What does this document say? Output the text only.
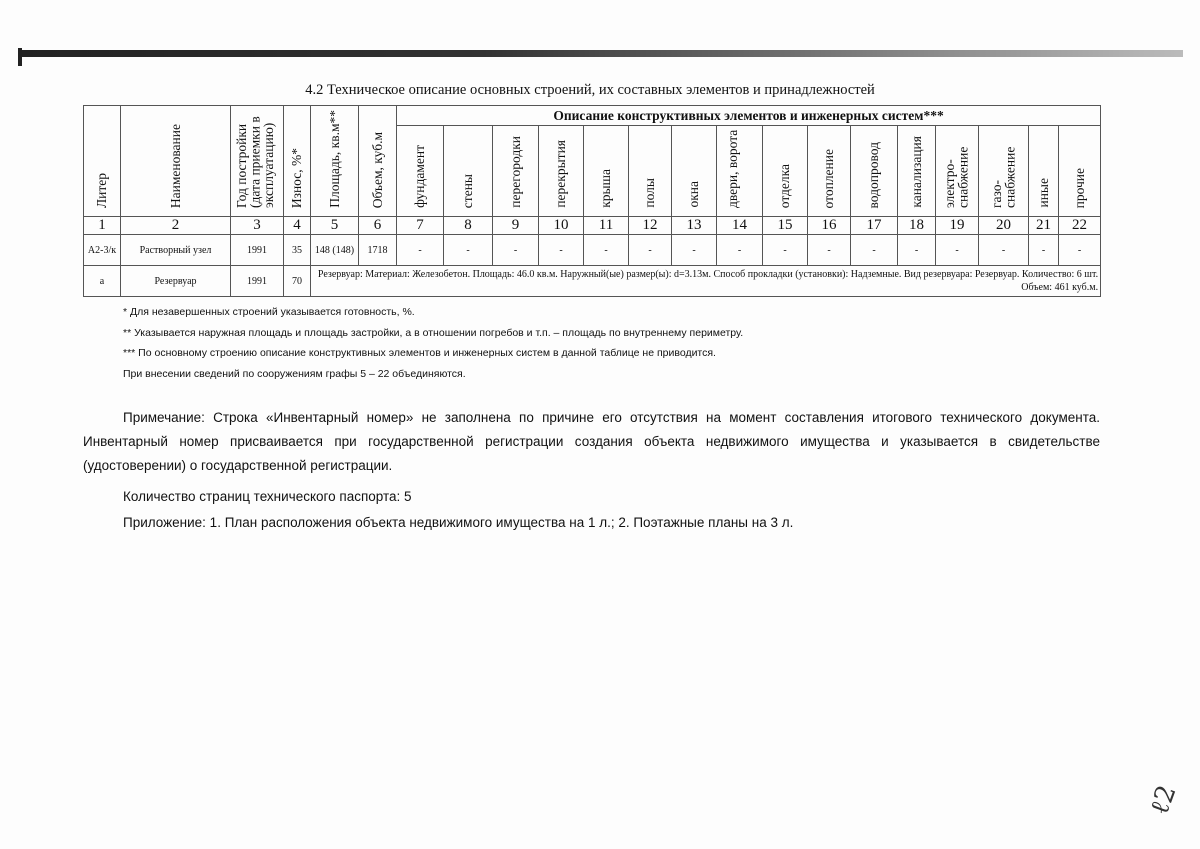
4.2 Техническое описание основных строений, их составных элементов и принадлежностей
Литер	Наименование	Год постройки (дата приемки в эксплуатацию)	Износ, %*	Площадь, кв.м**	Объем, куб.м	Описание конструктивных элементов и инженерных систем***															
						фундамент	стены	перегородки	перекрытия	крыша	полы	окна	двери, ворота	отделка	отопление	водопровод	канализация	электро-снабжение	газо-снабжение	иные	прочие
1	2	3	4	5	6	7	8	9	10	11	12	13	14	15	16	17	18	19	20	21	22
А2-3/к	Растворный узел	1991	35	148 (148)	1718	-	-	-	-	-	-	-	-	-	-	-	-	-	-	-	-
а	Резервуар	1991	70	Резервуар: Материал: Железобетон. Площадь: 46.0 кв.м. Наружный(ые) размер(ы): d=3.13м. Способ прокладки (установки): Надземные. Вид резервуара: Резервуар. Количество: 6 шт. Объем: 461 куб.м.																	
* Для незавершенных строений указывается готовность, %.
** Указывается наружная площадь и площадь застройки, а в отношении погребов и т.п. – площадь по внутреннему периметру.
*** По основному строению описание конструктивных элементов и инженерных систем в данной таблице не приводится.
При внесении сведений по сооружениям графы 5 – 22 объединяются.
Примечание: Строка «Инвентарный номер» не заполнена по причине его отсутствия на момент составления итогового технического документа. Инвентарный номер присваивается при государственной регистрации создания объекта недвижимого имущества и указывается в свидетельстве (удостоверении) о государственной регистрации.
Количество страниц технического паспорта: 5
Приложение: 1. План расположения объекта недвижимого имущества на 1 л.; 2. Поэтажные планы на 3 л.
ℓ2
